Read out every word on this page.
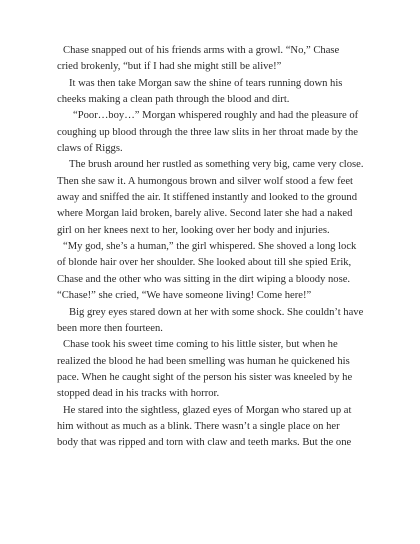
Chase snapped out of his friends arms with a growl. “No,” Chase
cried brokenly, “but if I had she might still be alive!”
It was then take Morgan saw the shine of tears running down his
cheeks making a clean path through the blood and dirt.
“Poor…boy…” Morgan whispered roughly and had the pleasure of
coughing up blood through the three law slits in her throat made by the
claws of Riggs.
The brush around her rustled as something very big, came very close.
Then she saw it. A humongous brown and silver wolf stood a few feet
away and sniffed the air. It stiffened instantly and looked to the ground
where Morgan laid broken, barely alive. Second later she had a naked
girl on her knees next to her, looking over her body and injuries.
“My god, she’s a human,” the girl whispered. She shoved a long lock
of blonde hair over her shoulder. She looked about till she spied Erik,
Chase and the other who was sitting in the dirt wiping a bloody nose.
“Chase!” she cried, “We have someone living! Come here!”
Big grey eyes stared down at her with some shock. She couldn’t have
been more then fourteen.
Chase took his sweet time coming to his little sister, but when he
realized the blood he had been smelling was human he quickened his
pace. When he caught sight of the person his sister was kneeled by he
stopped dead in his tracks with horror.
He stared into the sightless, glazed eyes of Morgan who stared up at
him without as much as a blink. There wasn’t a single place on her
body that was ripped and torn with claw and teeth marks. But the one
